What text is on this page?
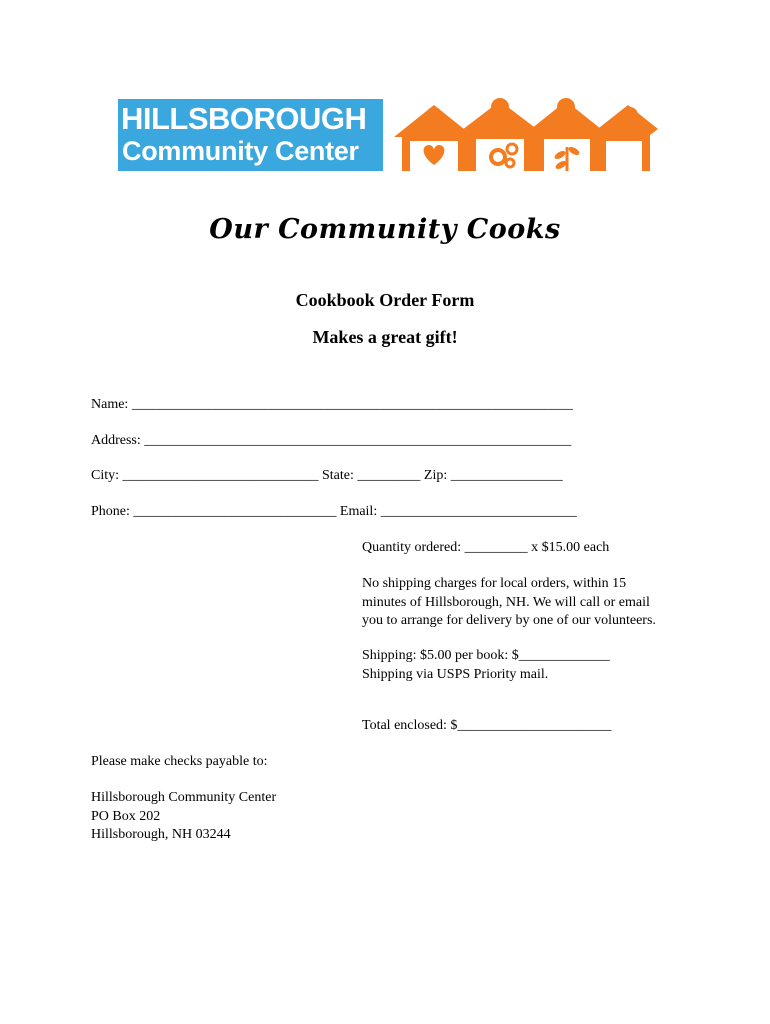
HILLSBOROUGH
Community Center
Our Community Cooks
Cookbook Order Form
Makes a great gift!
Name: _______________________________________________________________
Address: _____________________________________________________________
City: ____________________________ State: _________ Zip: ________________
Phone: _____________________________ Email: ____________________________
Quantity ordered: _________ x $15.00 each
No shipping charges for local orders, within 15
minutes of Hillsborough, NH. We will call or email
you to arrange for delivery by one of our volunteers.
Shipping: $5.00 per book: $_____________
Shipping via USPS Priority mail.
Total enclosed: $______________________
Please make checks payable to:
Hillsborough Community Center
PO Box 202
Hillsborough, NH 03244
